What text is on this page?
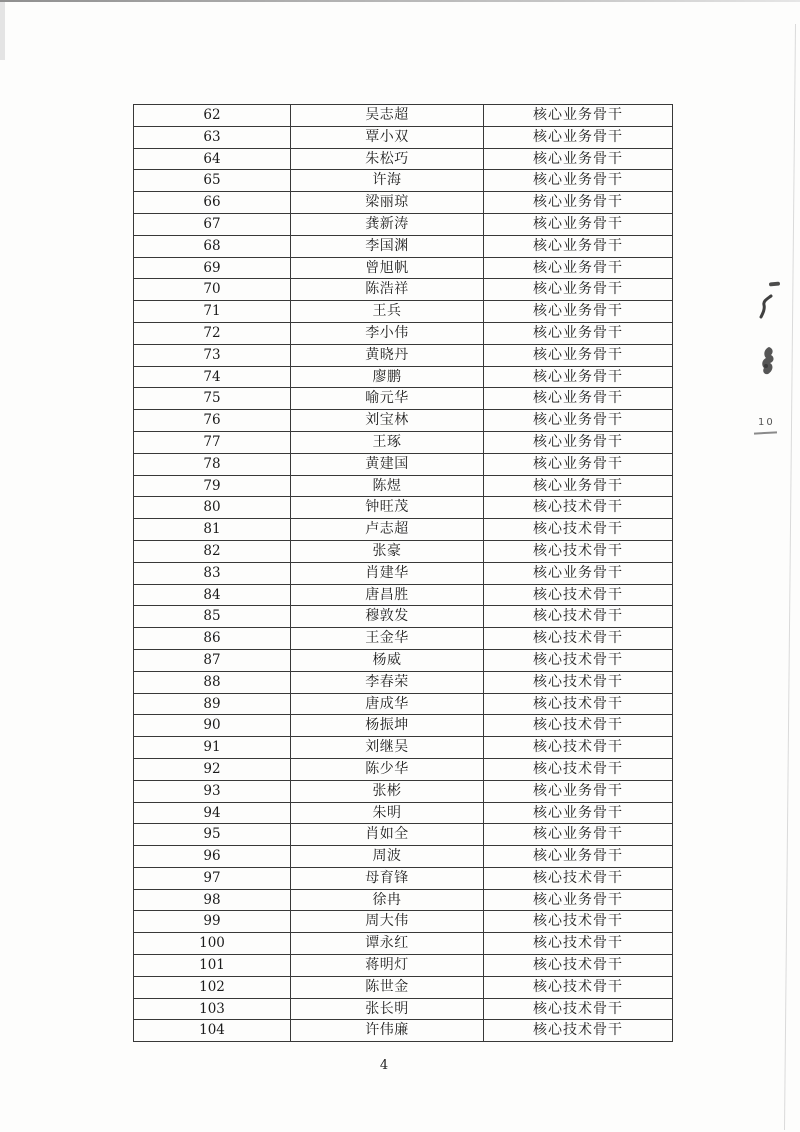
62	吴志超	核心业务骨干
63	覃小双	核心业务骨干
64	朱松巧	核心业务骨干
65	许海	核心业务骨干
66	梁丽琼	核心业务骨干
67	龚新涛	核心业务骨干
68	李国渊	核心业务骨干
69	曾旭帆	核心业务骨干
70	陈浩祥	核心业务骨干
71	王兵	核心业务骨干
72	李小伟	核心业务骨干
73	黄晓丹	核心业务骨干
74	廖鹏	核心业务骨干
75	喻元华	核心业务骨干
76	刘宝林	核心业务骨干
77	王琢	核心业务骨干
78	黄建国	核心业务骨干
79	陈煜	核心业务骨干
80	钟旺茂	核心技术骨干
81	卢志超	核心技术骨干
82	张豪	核心技术骨干
83	肖建华	核心业务骨干
84	唐昌胜	核心技术骨干
85	穆敦发	核心技术骨干
86	王金华	核心技术骨干
87	杨威	核心技术骨干
88	李春荣	核心技术骨干
89	唐成华	核心技术骨干
90	杨振坤	核心技术骨干
91	刘继吴	核心技术骨干
92	陈少华	核心技术骨干
93	张彬	核心业务骨干
94	朱明	核心业务骨干
95	肖如全	核心业务骨干
96	周波	核心业务骨干
97	母育锋	核心技术骨干
98	徐冉	核心业务骨干
99	周大伟	核心技术骨干
100	谭永红	核心技术骨干
101	蒋明灯	核心技术骨干
102	陈世金	核心技术骨干
103	张长明	核心技术骨干
104	许伟廉	核心技术骨干
10
4
